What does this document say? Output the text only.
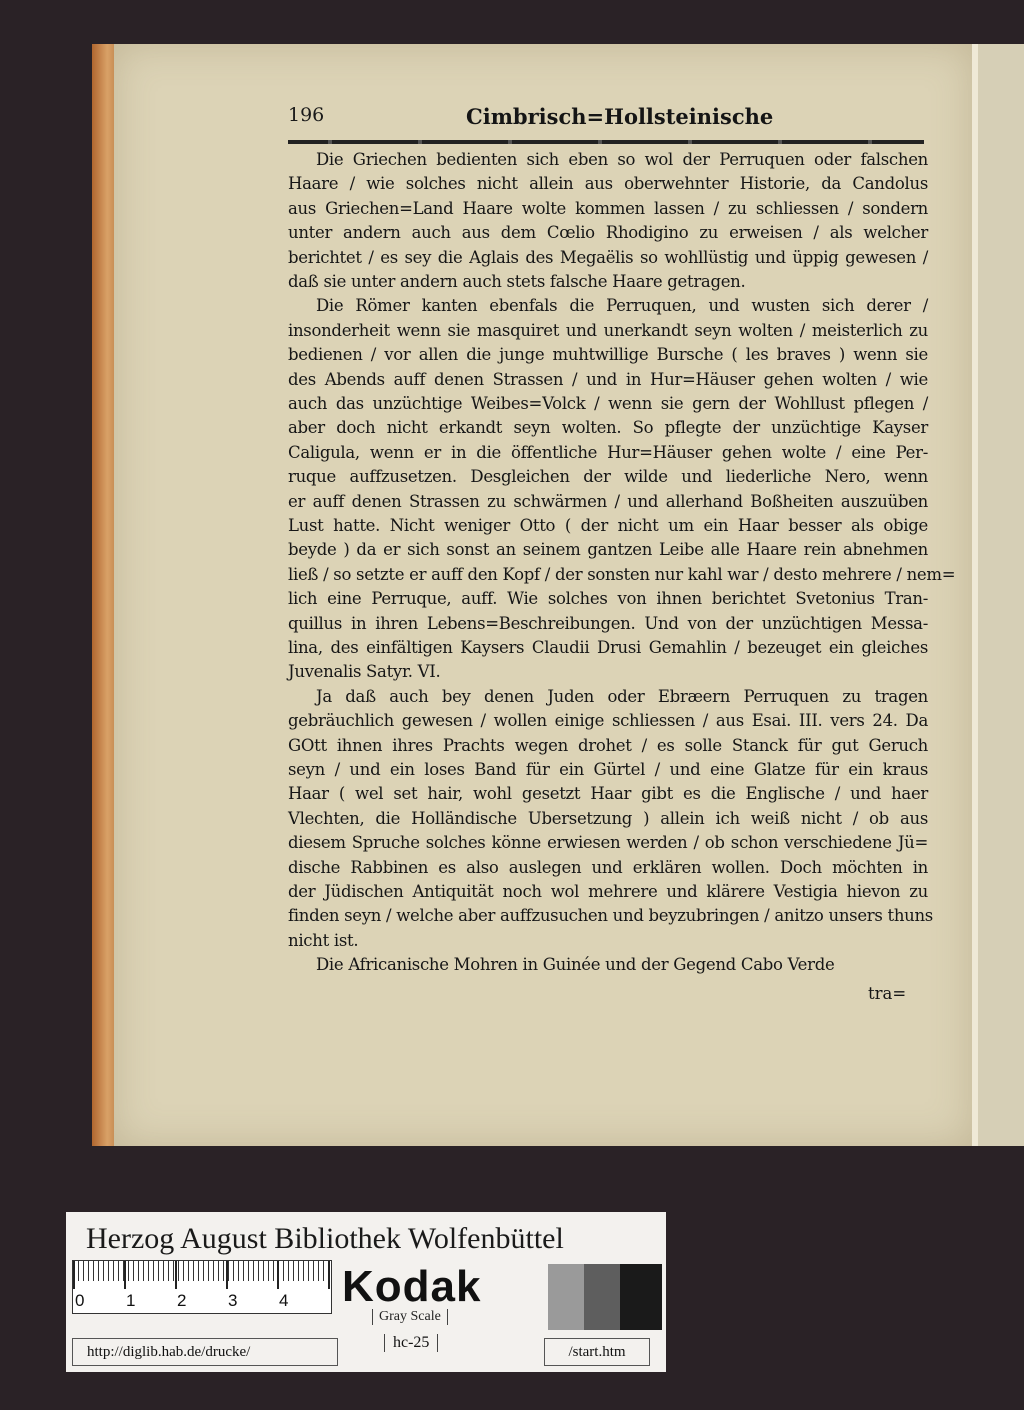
196	Cimbrisch=Hollsteinische
Die Griechen bedienten sich eben so wol der Perruquen oder falschen
Haare / wie solches nicht allein aus oberwehnter Historie, da Candolus
aus Griechen=Land Haare wolte kommen lassen / zu schliessen / sondern
unter andern auch aus dem Cœlio Rhodigino zu erweisen / als welcher
berichtet / es sey die Aglais des Megaëlis so wohllüstig und üppig gewesen /
daß sie unter andern auch stets falsche Haare getragen.
Die Römer kanten ebenfals die Perruquen, und wusten sich derer /
insonderheit wenn sie masquiret und unerkandt seyn wolten / meisterlich zu
bedienen / vor allen die junge muhtwillige Bursche ( les braves ) wenn sie
des Abends auff denen Strassen / und in Hur=Häuser gehen wolten / wie
auch das unzüchtige Weibes=Volck / wenn sie gern der Wohllust pflegen /
aber doch nicht erkandt seyn wolten. So pflegte der unzüchtige Kayser
Caligula, wenn er in die öffentliche Hur=Häuser gehen wolte / eine Per-
ruque auffzusetzen. Desgleichen der wilde und liederliche Nero, wenn
er auff denen Strassen zu schwärmen / und allerhand Boßheiten auszuüben
Lust hatte. Nicht weniger Otto ( der nicht um ein Haar besser als obige
beyde ) da er sich sonst an seinem gantzen Leibe alle Haare rein abnehmen
ließ / so setzte er auff den Kopf / der sonsten nur kahl war / desto mehrere / nem=
lich eine Perruque, auff. Wie solches von ihnen berichtet Svetonius Tran-
quillus in ihren Lebens=Beschreibungen. Und von der unzüchtigen Messa-
lina, des einfältigen Kaysers Claudii Drusi Gemahlin / bezeuget ein gleiches
Juvenalis Satyr. VI.
Ja daß auch bey denen Juden oder Ebræern Perruquen zu tragen
gebräuchlich gewesen / wollen einige schliessen / aus Esai. III. vers 24. Da
GOtt ihnen ihres Prachts wegen drohet / es solle Stanck für gut Geruch
seyn / und ein loses Band für ein Gürtel / und eine Glatze für ein kraus
Haar ( wel set hair, wohl gesetzt Haar gibt es die Englische / und haer
Vlechten, die Holländische Ubersetzung ) allein ich weiß nicht / ob aus
diesem Spruche solches könne erwiesen werden / ob schon verschiedene Jü=
dische Rabbinen es also auslegen und erklären wollen. Doch möchten in
der Jüdischen Antiquität noch wol mehrere und klärere Vestigia hievon zu
finden seyn / welche aber auffzusuchen und beyzubringen / anitzo unsers thuns
nicht ist.
Die Africanische Mohren in Guinée und der Gegend Cabo Verde
tra=
Herzog August Bibliothek Wolfenbüttel
0 1 2 3 4 Kodak
Gray Scale
http://diglib.hab.de/drucke/
hc-25
/start.htm
